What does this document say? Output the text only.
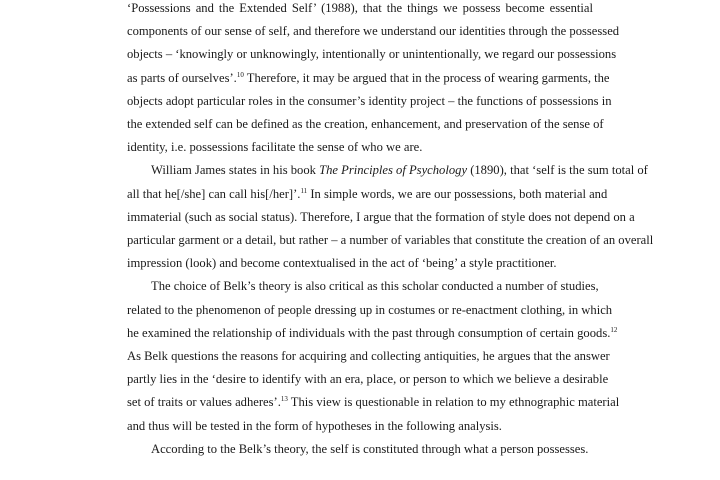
‘Possessions and the Extended Self’ (1988), that the things we possess become essential
components of our sense of self, and therefore we understand our identities through the possessed
objects – ‘knowingly or unknowingly, intentionally or unintentionally, we regard our possessions
as parts of ourselves’.$^{10}$ Therefore, it may be argued that in the process of wearing garments, the
objects adopt particular roles in the consumer’s identity project – the functions of possessions in
the extended self can be defined as the creation, enhancement, and preservation of the sense of
identity, i.e. possessions facilitate the sense of who we are.

William James states in his book The Principles of Psychology (1890), that ‘self is the sum total of
all that he[/she] can call his[/her]’.$^{11}$ In simple words, we are our possessions, both material and
immaterial (such as social status). Therefore, I argue that the formation of style does not depend on a
particular garment or a detail, but rather – a number of variables that constitute the creation of an overall
impression (look) and become contextualised in the act of ‘being’ a style practitioner.

The choice of Belk’s theory is also critical as this scholar conducted a number of studies,
related to the phenomenon of people dressing up in costumes or re-enactment clothing, in which
he examined the relationship of individuals with the past through consumption of certain goods.$^{12}$
As Belk questions the reasons for acquiring and collecting antiquities, he argues that the answer
partly lies in the ‘desire to identify with an era, place, or person to which we believe a desirable
set of traits or values adheres’.$^{13}$ This view is questionable in relation to my ethnographic material
and thus will be tested in the form of hypotheses in the following analysis.

According to the Belk’s theory, the self is constituted through what a person possesses.
